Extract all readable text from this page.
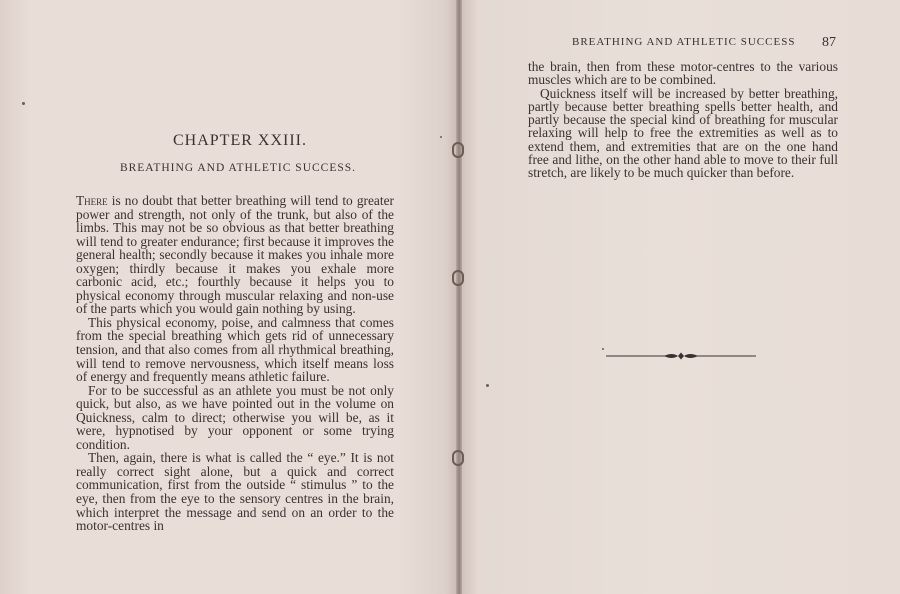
CHAPTER XXIII.
BREATHING AND ATHLETIC SUCCESS.

There is no doubt that better breathing will tend to greater power and strength, not only of the trunk, but also of the limbs. This may not be so obvious as that better breathing will tend to greater endurance; first because it improves the general health; secondly because it makes you inhale more oxygen; thirdly because it makes you exhale more carbonic acid, etc.; fourthly because it helps you to physical economy through muscular relaxing and non-use of the parts which you would gain nothing by using.

This physical economy, poise, and calmness that comes from the special breathing which gets rid of unnecessary tension, and that also comes from all rhythmical breathing, will tend to remove nervousness, which itself means loss of energy and frequently means athletic failure.

For to be successful as an athlete you must be not only quick, but also, as we have pointed out in the volume on Quickness, calm to direct; otherwise you will be, as it were, hypnotised by your opponent or some trying condition.

Then, again, there is what is called the “ eye.” It is not really correct sight alone, but a quick and correct communication, first from the outside “ stimulus ” to the eye, then from the eye to the sensory centres in the brain, which interpret the message and send on an order to the motor-centres in

BREATHING AND ATHLETIC SUCCESS 87

the brain, then from these motor-centres to the various muscles which are to be combined.

Quickness itself will be increased by better breathing, partly because better breathing spells better health, and partly because the special kind of breathing for muscular relaxing will help to free the extremities as well as to extend them, and extremities that are on the one hand free and lithe, on the other hand able to move to their full stretch, are likely to be much quicker than before.
